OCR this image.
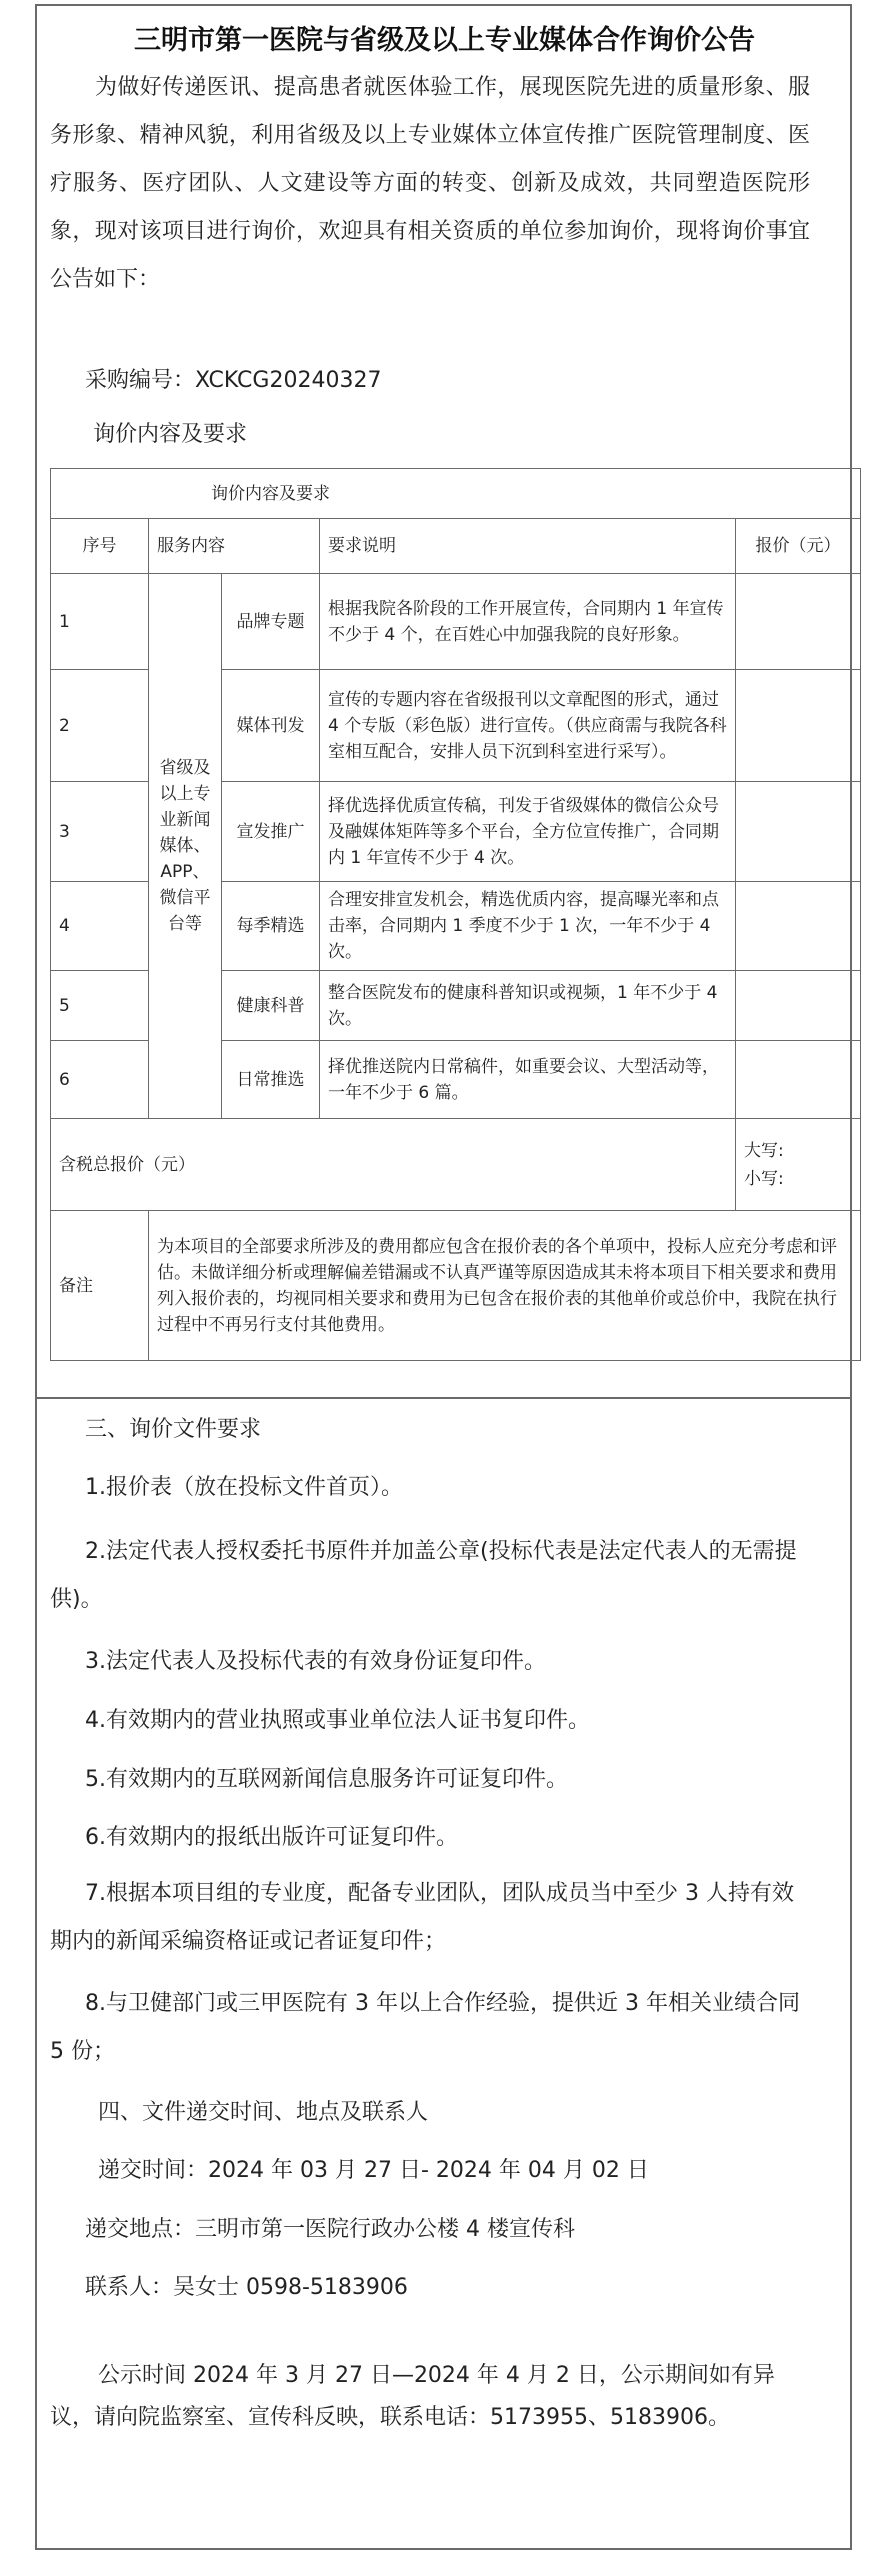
三明市第一医院与省级及以上专业媒体合作询价公告
为做好传递医讯、提高患者就医体验工作，展现医院先进的质量形象、服务形象、精神风貌，利用省级及以上专业媒体立体宣传推广医院管理制度、医疗服务、医疗团队、人文建设等方面的转变、创新及成效，共同塑造医院形象，现对该项目进行询价，欢迎具有相关资质的单位参加询价，现将询价事宜公告如下：
采购编号：XCKCG20240327
询价内容及要求
询价内容及要求				
序号	服务内容		要求说明	报价（元）
1	省级及以上专业新闻媒体、APP、微信平台等	品牌专题	根据我院各阶段的工作开展宣传，合同期内 1 年宣传不少于 4 个，在百姓心中加强我院的良好形象。	
2		媒体刊发	宣传的专题内容在省级报刊以文章配图的形式，通过 4 个专版（彩色版）进行宣传。（供应商需与我院各科室相互配合，安排人员下沉到科室进行采写）。	
3		宣发推广	择优选择优质宣传稿，刊发于省级媒体的微信公众号及融媒体矩阵等多个平台，全方位宣传推广，合同期内 1 年宣传不少于 4 次。	
4		每季精选	合理安排宣发机会，精选优质内容，提高曝光率和点击率，合同期内 1 季度不少于 1 次，一年不少于 4 次。	
5		健康科普	整合医院发布的健康科普知识或视频，1 年不少于 4 次。	
6		日常推选	择优推送院内日常稿件，如重要会议、大型活动等，一年不少于 6 篇。	
含税总报价（元）				大写:
小写:

备注	为本项目的全部要求所涉及的费用都应包含在报价表的各个单项中，投标人应充分考虑和评估。未做详细分析或理解偏差错漏或不认真严谨等原因造成其未将本项目下相关要求和费用列入报价表的，均视同相关要求和费用为已包含在报价表的其他单价或总价中，我院在执行过程中不再另行支付其他费用。			
三、询价文件要求
1.报价表（放在投标文件首页）。
2.法定代表人授权委托书原件并加盖公章(投标代表是法定代表人的无需提供)。
3.法定代表人及投标代表的有效身份证复印件。
4.有效期内的营业执照或事业单位法人证书复印件。
5.有效期内的互联网新闻信息服务许可证复印件。
6.有效期内的报纸出版许可证复印件。
7.根据本项目组的专业度，配备专业团队，团队成员当中至少 3 人持有效期内的新闻采编资格证或记者证复印件；
8.与卫健部门或三甲医院有 3 年以上合作经验，提供近 3 年相关业绩合同 5 份；
四、文件递交时间、地点及联系人
递交时间：2024 年 03 月 27 日- 2024 年 04 月 02 日
递交地点：三明市第一医院行政办公楼 4 楼宣传科
联系人：吴女士 0598-5183906
公示时间 2024 年 3 月 27 日—2024 年 4 月 2 日，公示期间如有异议，请向院监察室、宣传科反映，联系电话：5173955、5183906。
